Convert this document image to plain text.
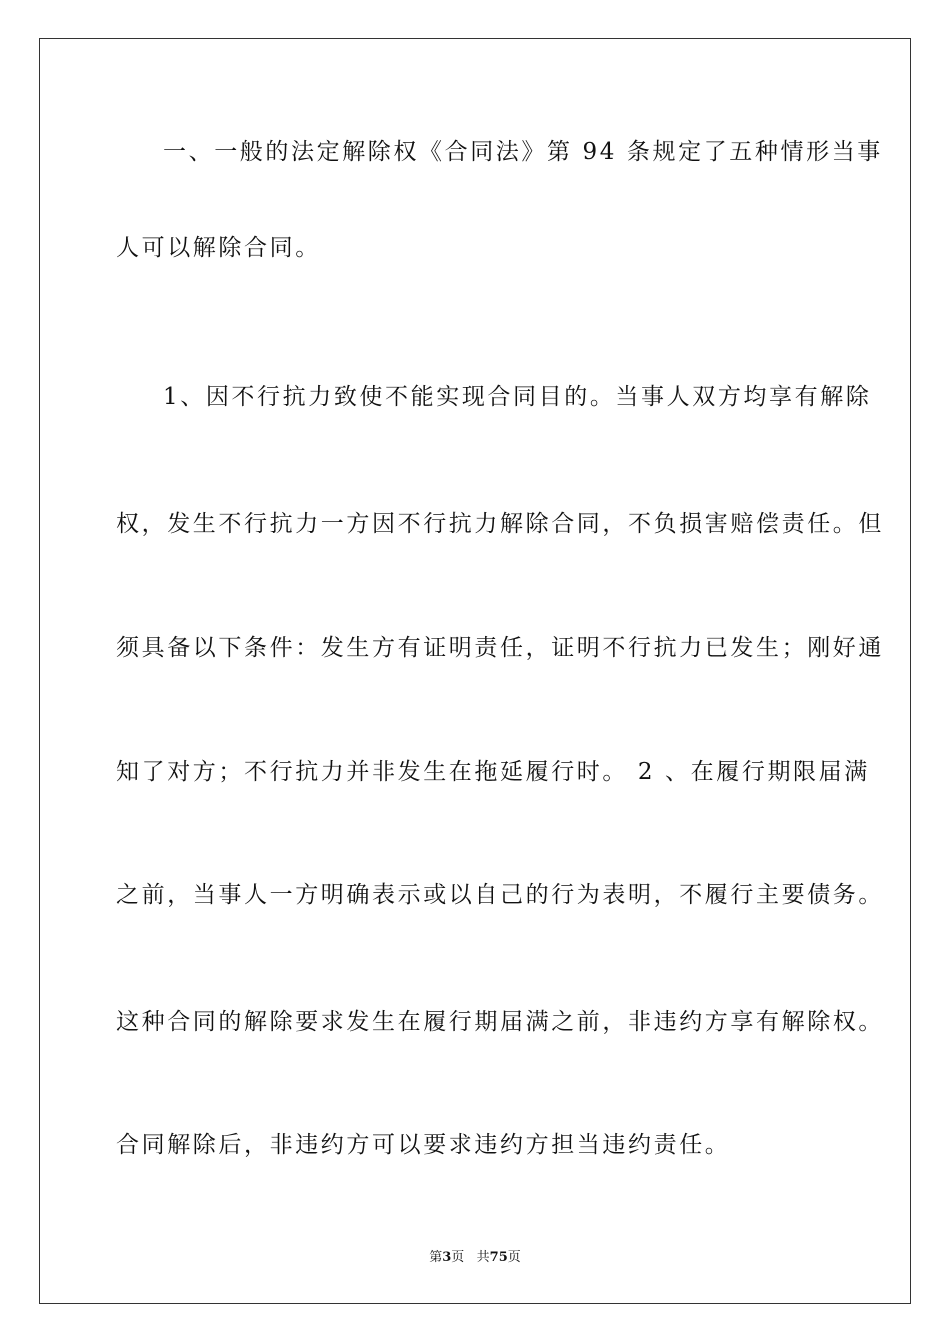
一、一般的法定解除权《合同法》第 94 条规定了五种情形当事
人可以解除合同。
1、因不行抗力致使不能实现合同目的。当事人双方均享有解除
权，发生不行抗力一方因不行抗力解除合同，不负损害赔偿责任。但
须具备以下条件：发生方有证明责任，证明不行抗力已发生；刚好通
知了对方；不行抗力并非发生在拖延履行时。 2 、在履行期限届满
之前，当事人一方明确表示或以自己的行为表明，不履行主要债务。
这种合同的解除要求发生在履行期届满之前，非违约方享有解除权。
合同解除后，非违约方可以要求违约方担当违约责任。
第3页   共75页
